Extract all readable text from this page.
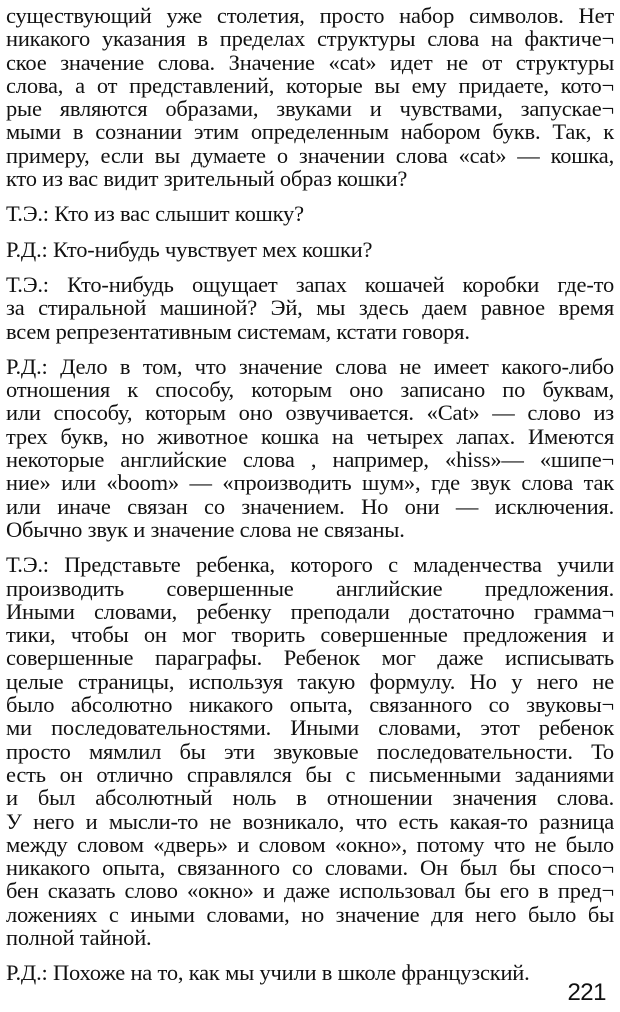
существующий уже столетия, просто набор символов. Нет
никакого указания в пределах структуры слова на фактиче¬
ское значение слова. Значение «cat» идет не от структуры
слова, а от представлений, которые вы ему придаете, кото¬
рые являются образами, звуками и чувствами, запускае¬
мыми в сознании этим определенным набором букв. Так, к
примеру, если вы думаете о значении слова «cat» — кошка,
кто из вас видит зрительный образ кошки?
Т.Э.: Кто из вас слышит кошку?
Р.Д.: Кто-нибудь чувствует мех кошки?
Т.Э.: Кто-нибудь ощущает запах кошачей коробки где-то
за стиральной машиной? Эй, мы здесь даем равное время
всем репрезентативным системам, кстати говоря.
Р.Д.: Дело в том, что значение слова не имеет какого-либо
отношения к способу, которым оно записано по буквам,
или способу, которым оно озвучивается. «Cat» — слово из
трех букв, но животное кошка на четырех лапах. Имеются
некоторые английские слова , например, «hiss»— «шипе¬
ние» или «boom» — «производить шум», где звук слова так
или иначе связан со значением. Но они — исключения.
Обычно звук и значение слова не связаны.
Т.Э.: Представьте ребенка, которого с младенчества учили
производить совершенные английские предложения.
Иными словами, ребенку преподали достаточно грамма¬
тики, чтобы он мог творить совершенные предложения и
совершенные параграфы. Ребенок мог даже исписывать
целые страницы, используя такую формулу. Но у него не
было абсолютно никакого опыта, связанного со звуковы¬
ми последовательностями. Иными словами, этот ребенок
просто мямлил бы эти звуковые последовательности. То
есть он отлично справлялся бы с письменными заданиями
и был абсолютный ноль в отношении значения слова.
У него и мысли-то не возникало, что есть какая-то разница
между словом «дверь» и словом «окно», потому что не было
никакого опыта, связанного со словами. Он был бы спосо¬
бен сказать слово «окно» и даже использовал бы его в пред¬
ложениях с иными словами, но значение для него было бы
полной тайной.
Р.Д.: Похоже на то, как мы учили в школе французский.
221
